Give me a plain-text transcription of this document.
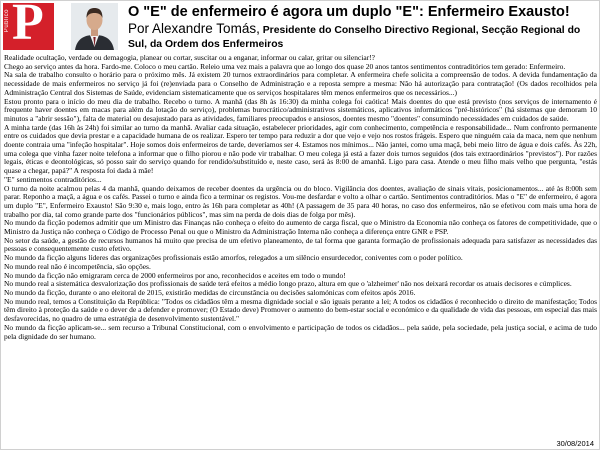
P
Público	O "E" de enfermeiro é agora um duplo "E": Enfermeiro Exausto!
Por Alexandre Tomás, Presidente do Conselho Directivo Regional, Secção Regional do Sul, da Ordem dos Enfermeiros

Realidade ocultação, verdade ou demagogia, planear ou cortar, suscitar ou a enganar, informar ou calar, gritar ou silenciar!?

Chego ao serviço antes da hora. Fardo-me. Coloco o meu cartão. Releio uma vez mais a palavra que ao longo dos quase 20 anos tantos sentimentos contraditórios tem gerado: Enfermeiro.

Na sala de trabalho consulto o horário para o próximo mês. Já existem 20 turnos extraordinários para completar. A enfermeira chefe solicita a compreensão de todos. A devida fundamentação da necessidade de mais enfermeiros no serviço já foi (re)enviada para o Conselho de Administração e a reposta sempre a mesma: Não há autorização para contratação! (Os dados recolhidos pela Administração Central dos Sistemas de Saúde, evidenciam sistematicamente que os serviços hospitalares têm menos enfermeiros que os necessários...)

Estou pronto para o início do meu dia de trabalho. Recebo o turno. A manhã (das 8h às 16:30) da minha colega foi caótica! Mais doentes do que está previsto (nos serviços de internamento é frequente haver doentes em macas para além da lotação do serviço), problemas burocrático/administrativos sistemáticos, aplicativos informáticos "pré-históricos" (há sistemas que demoram 10 minutos a "abrir sessão"), falta de material ou desajustado para as atividades, familiares preocupados e ansiosos, doentes mesmo "doentes" consumindo necessidades em cuidados de saúde.

A minha tarde (das 16h às 24h) foi similar ao turno da manhã. Avaliar cada situação, estabelecer prioridades, agir com conhecimento, competência e responsabilidade... Num confronto permanente entre os cuidados que devia prestar e a capacidade humana de os realizar. Espero ter tempo para reduzir a dor que vejo e vejo nos rostos frágeis. Espero que ninguém caia da maca, nem que nenhum doente contraia uma "infeção hospitalar". Hoje somos dois enfermeiros de tarde, deveríamos ser 4. Estamos nos mínimos... Não jantei, como uma maçã, bebi meio litro de água e dois cafés. Às 22h, uma colega que vinha fazer noite telefona a informar que o filho piorou e não pode vir trabalhar. O meu colega já está a fazer dois turnos seguidos (dos tais extraordinários "previstos"). Por razões legais, éticas e deontológicas, só posso sair do serviço quando for rendido/substituído e, neste caso, será às 8:00 de amanhã. Ligo para casa. Atende o meu filho mais velho que pergunta, "estás quase a chegar, papá?" A resposta foi dada à mãe!

"E" sentimentos contraditórios...

O turno da noite acalmou pelas 4 da manhã, quando deixamos de receber doentes da urgência ou do bloco. Vigilância dos doentes, avaliação de sinais vitais, posicionamentos... até às 8:00h sem parar. Reponho a maçã, a água e os cafés. Passei o turno e ainda fico a terminar os registos. Vou-me desfardar e volto a olhar o cartão. Sentimentos contraditórios. Mas o "E" de enfermeiro, é agora um duplo "E", Enfermeiro Exausto! São 9:30 e, mais logo, entro às 16h para completar as 40h! (A passagem de 35 para 40 horas, no caso dos enfermeiros, não se efetivou com mais uma hora de trabalho por dia, tal como grande parte dos "funcionários públicos", mas sim na perda de dois dias de folga por mês).

No mundo da ficção podemos admitir que um Ministro das Finanças não conheça o efeito do aumento de carga fiscal, que o Ministro da Economia não conheça os fatores de competitividade, que o Ministro da Justiça não conheça o Código de Processo Penal ou que o Ministro da Administração Interna não conheça a diferença entre GNR e PSP.

No setor da saúde, a gestão de recursos humanos há muito que precisa de um efetivo planeamento, de tal forma que garanta formação de profissionais adequada para satisfazer as necessidades das pessoas e consequentemente custo efetivo.

No mundo da ficção alguns líderes das organizações profissionais estão amorfos, relegados a um silêncio ensurdecedor, coniventes com o poder político.

No mundo real não é incompetência, são opções.

No mundo da ficção não emigraram cerca de 2000 enfermeiros por ano, reconhecidos e aceites em todo o mundo!

No mundo real a sistemática desvalorização dos profissionais de saúde terá efeitos a médio longo prazo, altura em que o 'alzheimer' não nos deixará recordar os atuais decisores e cúmplices.

No mundo da ficção, durante o ano eleitoral de 2015, existirão medidas de circunstância ou decisões salomónicas com efeitos após 2016.

No mundo real, temos a Constituição da República: "Todos os cidadãos têm a mesma dignidade social e são iguais perante a lei; A todos os cidadãos é reconhecido o direito de manifestação; Todos têm direito à proteção da saúde e o dever de a defender e promover; (O Estado deve) Promover o aumento do bem-estar social e económico e da qualidade de vida das pessoas, em especial das mais desfavorecidas, no quadro de uma estratégia de desenvolvimento sustentável."

No mundo da ficção aplicam-se... sem recurso a Tribunal Constitucional, com o envolvimento e participação de todos os cidadãos... pela saúde, pela sociedade, pela justiça social, e acima de tudo pela dignidade do ser humano.

30/08/2014
